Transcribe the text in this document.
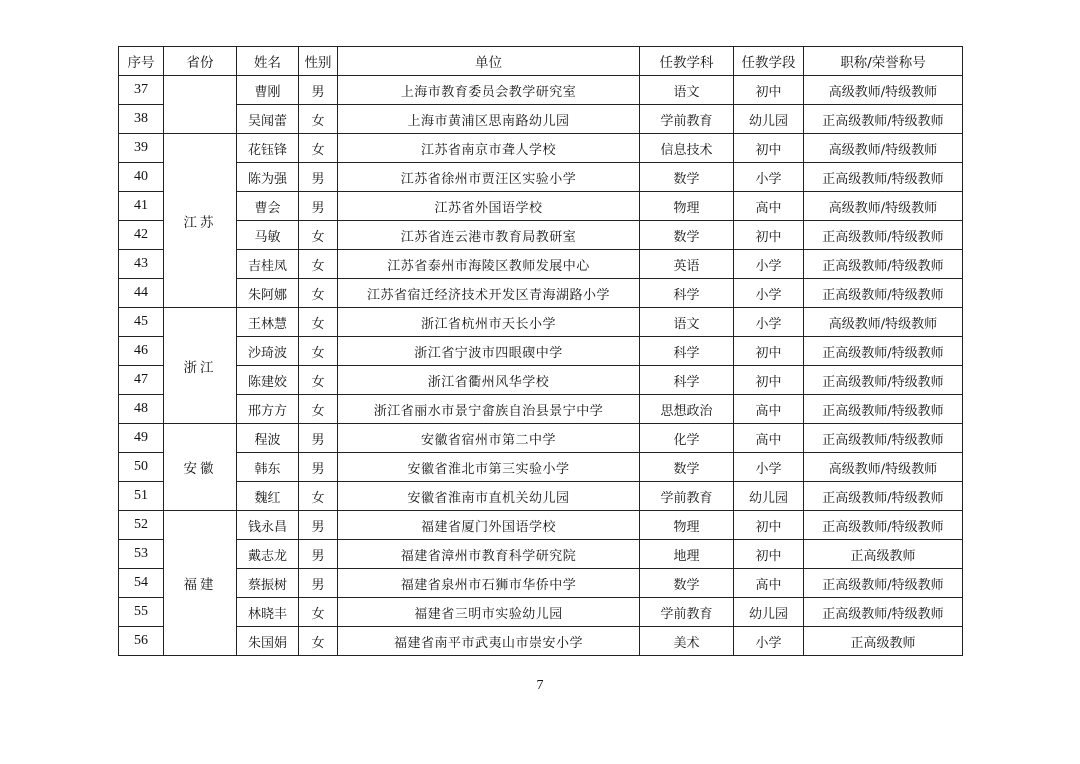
序号	省份	姓名	性别	单位	任教学科	任教学段	职称/荣誉称号
37		曹刚	男	上海市教育委员会教学研究室	语文	初中	高级教师/特级教师
38		吴闻蕾	女	上海市黄浦区思南路幼儿园	学前教育	幼儿园	正高级教师/特级教师
39	江苏	花钰锋	女	江苏省南京市聋人学校	信息技术	初中	高级教师/特级教师
40		陈为强	男	江苏省徐州市贾汪区实验小学	数学	小学	正高级教师/特级教师
41		曹会	男	江苏省外国语学校	物理	高中	高级教师/特级教师
42		马敏	女	江苏省连云港市教育局教研室	数学	初中	正高级教师/特级教师
43		吉桂凤	女	江苏省泰州市海陵区教师发展中心	英语	小学	正高级教师/特级教师
44		朱阿娜	女	江苏省宿迁经济技术开发区青海湖路小学	科学	小学	正高级教师/特级教师
45	浙江	王林慧	女	浙江省杭州市天长小学	语文	小学	高级教师/特级教师
46		沙琦波	女	浙江省宁波市四眼碶中学	科学	初中	正高级教师/特级教师
47		陈建姣	女	浙江省衢州风华学校	科学	初中	正高级教师/特级教师
48		邢方方	女	浙江省丽水市景宁畲族自治县景宁中学	思想政治	高中	正高级教师/特级教师
49	安徽	程波	男	安徽省宿州市第二中学	化学	高中	正高级教师/特级教师
50		韩东	男	安徽省淮北市第三实验小学	数学	小学	高级教师/特级教师
51		魏红	女	安徽省淮南市直机关幼儿园	学前教育	幼儿园	正高级教师/特级教师
52	福建	钱永昌	男	福建省厦门外国语学校	物理	初中	正高级教师/特级教师
53		戴志龙	男	福建省漳州市教育科学研究院	地理	初中	正高级教师
54		蔡振树	男	福建省泉州市石狮市华侨中学	数学	高中	正高级教师/特级教师
55		林晓丰	女	福建省三明市实验幼儿园	学前教育	幼儿园	正高级教师/特级教师
56		朱国娟	女	福建省南平市武夷山市崇安小学	美术	小学	正高级教师
7
